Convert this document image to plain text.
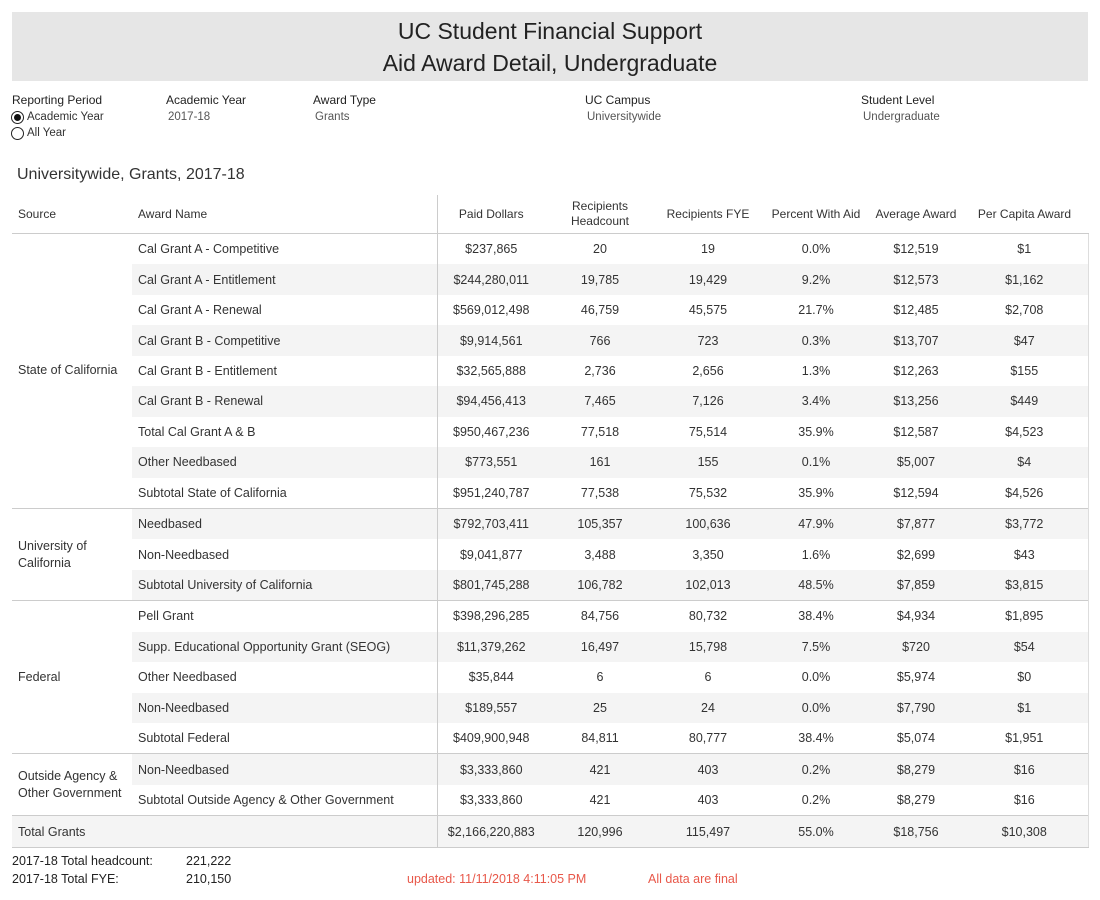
UC Student Financial Support
Aid Award Detail, Undergraduate
Reporting Period
Academic Year
All Year
Academic Year
2017-18
Award Type
Grants
UC Campus
Universitywide
Student Level
Undergraduate
Universitywide, Grants, 2017-18
Source	Award Name	Paid Dollars	Recipients Headcount	Recipients FYE	Percent With Aid	Average Award	Per Capita Award
State of California	Cal Grant A - Competitive	$237,865	20	19	0.0%	$12,519	$1
	Cal Grant A - Entitlement	$244,280,011	19,785	19,429	9.2%	$12,573	$1,162
	Cal Grant A - Renewal	$569,012,498	46,759	45,575	21.7%	$12,485	$2,708
	Cal Grant B - Competitive	$9,914,561	766	723	0.3%	$13,707	$47
	Cal Grant B - Entitlement	$32,565,888	2,736	2,656	1.3%	$12,263	$155
	Cal Grant B - Renewal	$94,456,413	7,465	7,126	3.4%	$13,256	$449
	Total Cal Grant A & B	$950,467,236	77,518	75,514	35.9%	$12,587	$4,523
	Other Needbased	$773,551	161	155	0.1%	$5,007	$4
	Subtotal State of California	$951,240,787	77,538	75,532	35.9%	$12,594	$4,526
University of California	Needbased	$792,703,411	105,357	100,636	47.9%	$7,877	$3,772
	Non-Needbased	$9,041,877	3,488	3,350	1.6%	$2,699	$43
	Subtotal University of California	$801,745,288	106,782	102,013	48.5%	$7,859	$3,815
Federal	Pell Grant	$398,296,285	84,756	80,732	38.4%	$4,934	$1,895
	Supp. Educational Opportunity Grant (SEOG)	$11,379,262	16,497	15,798	7.5%	$720	$54
	Other Needbased	$35,844	6	6	0.0%	$5,974	$0
	Non-Needbased	$189,557	25	24	0.0%	$7,790	$1
	Subtotal Federal	$409,900,948	84,811	80,777	38.4%	$5,074	$1,951
Outside Agency & Other Government	Non-Needbased	$3,333,860	421	403	0.2%	$8,279	$16
	Subtotal Outside Agency & Other Government	$3,333,860	421	403	0.2%	$8,279	$16
Total Grants		$2,166,220,883	120,996	115,497	55.0%	$18,756	$10,308
2017-18 Total headcount:	221,222
2017-18 Total FYE:	210,150	updated: 11/11/2018 4:11:05 PM	All data are final
